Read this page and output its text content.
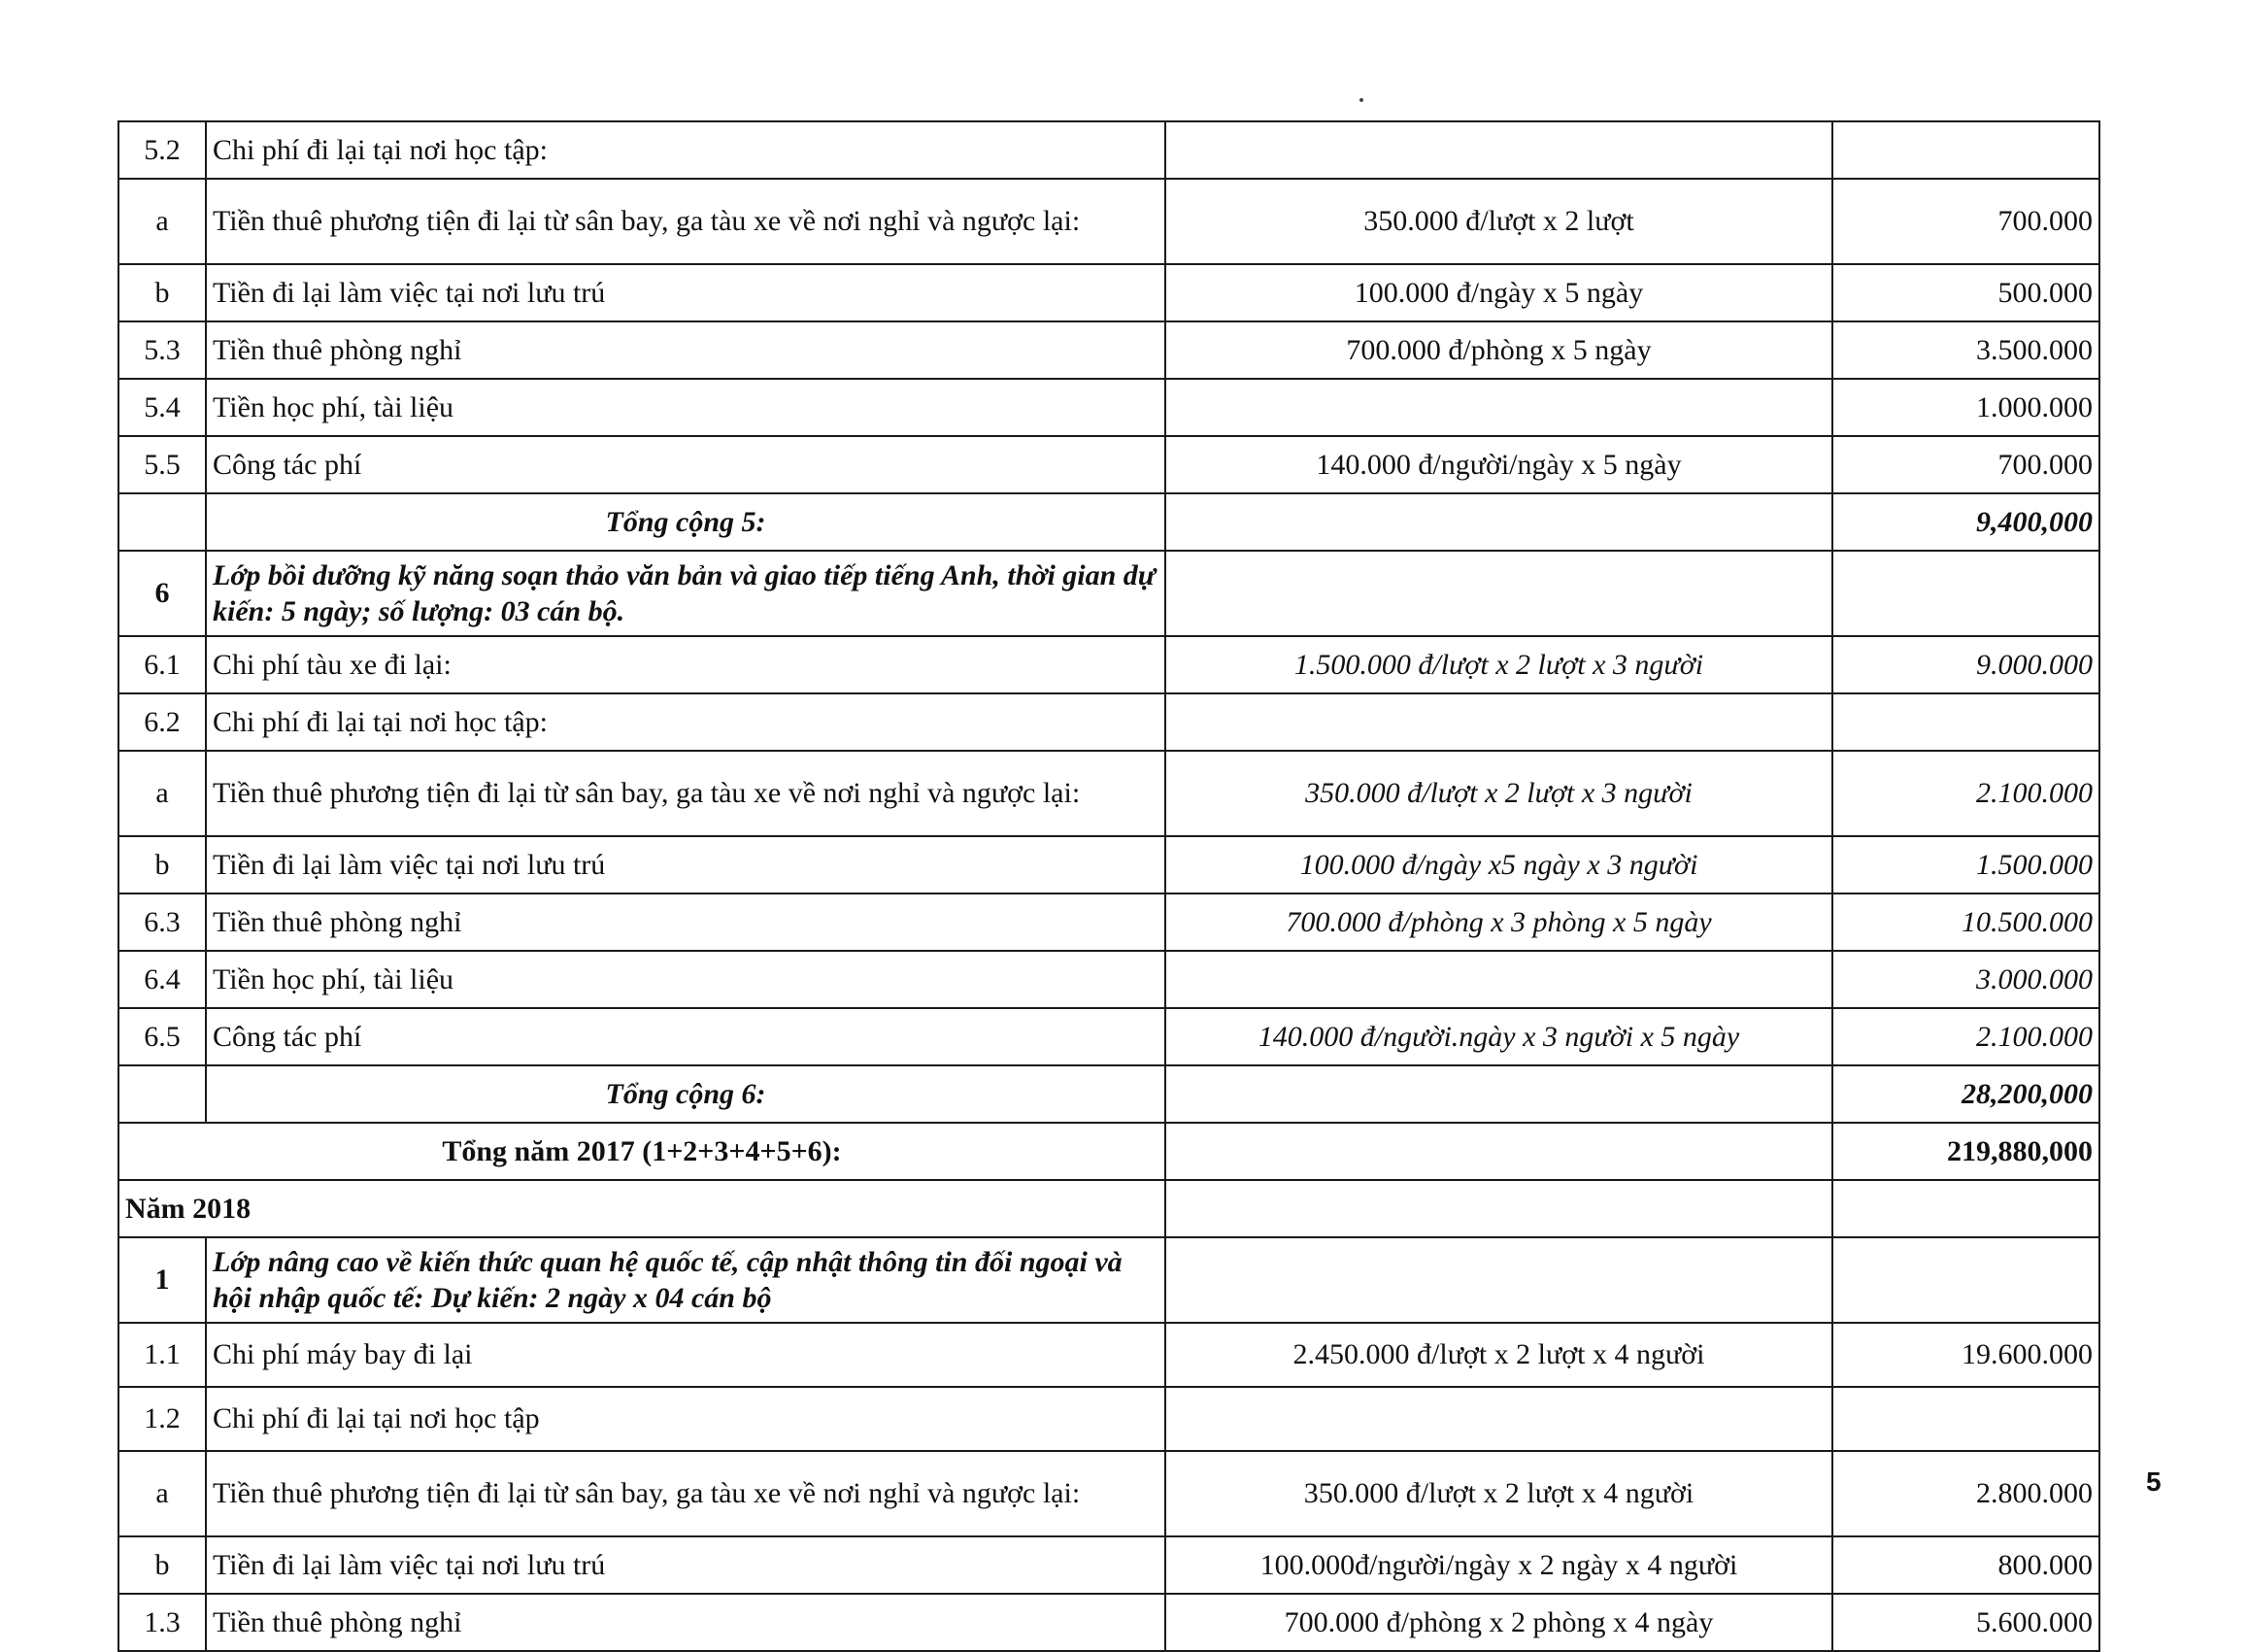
5.2	Chi phí đi lại tại nơi học tập:		
a	Tiền thuê phương tiện đi lại từ sân bay, ga tàu xe về nơi nghỉ và ngược lại:	350.000 đ/lượt x 2 lượt	700.000
b	Tiền đi lại làm việc tại nơi lưu trú	100.000 đ/ngày x 5 ngày	500.000
5.3	Tiền thuê phòng nghỉ	700.000 đ/phòng x 5 ngày	3.500.000
5.4	Tiền học phí, tài liệu		1.000.000
5.5	Công tác phí	140.000 đ/người/ngày x 5 ngày	700.000
	Tổng cộng 5:		9,400,000
6	Lớp bồi dưỡng kỹ năng soạn thảo văn bản và giao tiếp tiếng Anh, thời gian dự kiến: 5 ngày; số lượng: 03 cán bộ.		
6.1	Chi phí tàu xe đi lại:	1.500.000 đ/lượt x 2 lượt x 3 người	9.000.000
6.2	Chi phí đi lại tại nơi học tập:		
a	Tiền thuê phương tiện đi lại từ sân bay, ga tàu xe về nơi nghỉ và ngược lại:	350.000 đ/lượt x 2 lượt x 3 người	2.100.000
b	Tiền đi lại làm việc tại nơi lưu trú	100.000 đ/ngày x5 ngày x 3 người	1.500.000
6.3	Tiền thuê phòng nghỉ	700.000 đ/phòng x 3 phòng x 5 ngày	10.500.000
6.4	Tiền học phí, tài liệu		3.000.000
6.5	Công tác phí	140.000 đ/người.ngày x 3 người x 5 ngày	2.100.000
	Tổng cộng 6:		28,200,000
Tổng năm 2017 (1+2+3+4+5+6):			219,880,000
Năm 2018			
1	Lớp nâng cao về kiến thức quan hệ quốc tế, cập nhật thông tin đối ngoại và hội nhập quốc tế: Dự kiến: 2 ngày x 04 cán bộ		
1.1	Chi phí máy bay đi lại	2.450.000 đ/lượt x 2 lượt x 4 người	19.600.000
1.2	Chi phí đi lại tại nơi học tập		
a	Tiền thuê phương tiện đi lại từ sân bay, ga tàu xe về nơi nghỉ và ngược lại:	350.000 đ/lượt x 2 lượt x 4 người	2.800.000
b	Tiền đi lại làm việc tại nơi lưu trú	100.000đ/người/ngày x 2 ngày x 4 người	800.000
1.3	Tiền thuê phòng nghỉ	700.000 đ/phòng x 2 phòng x 4 ngày	5.600.000
5
